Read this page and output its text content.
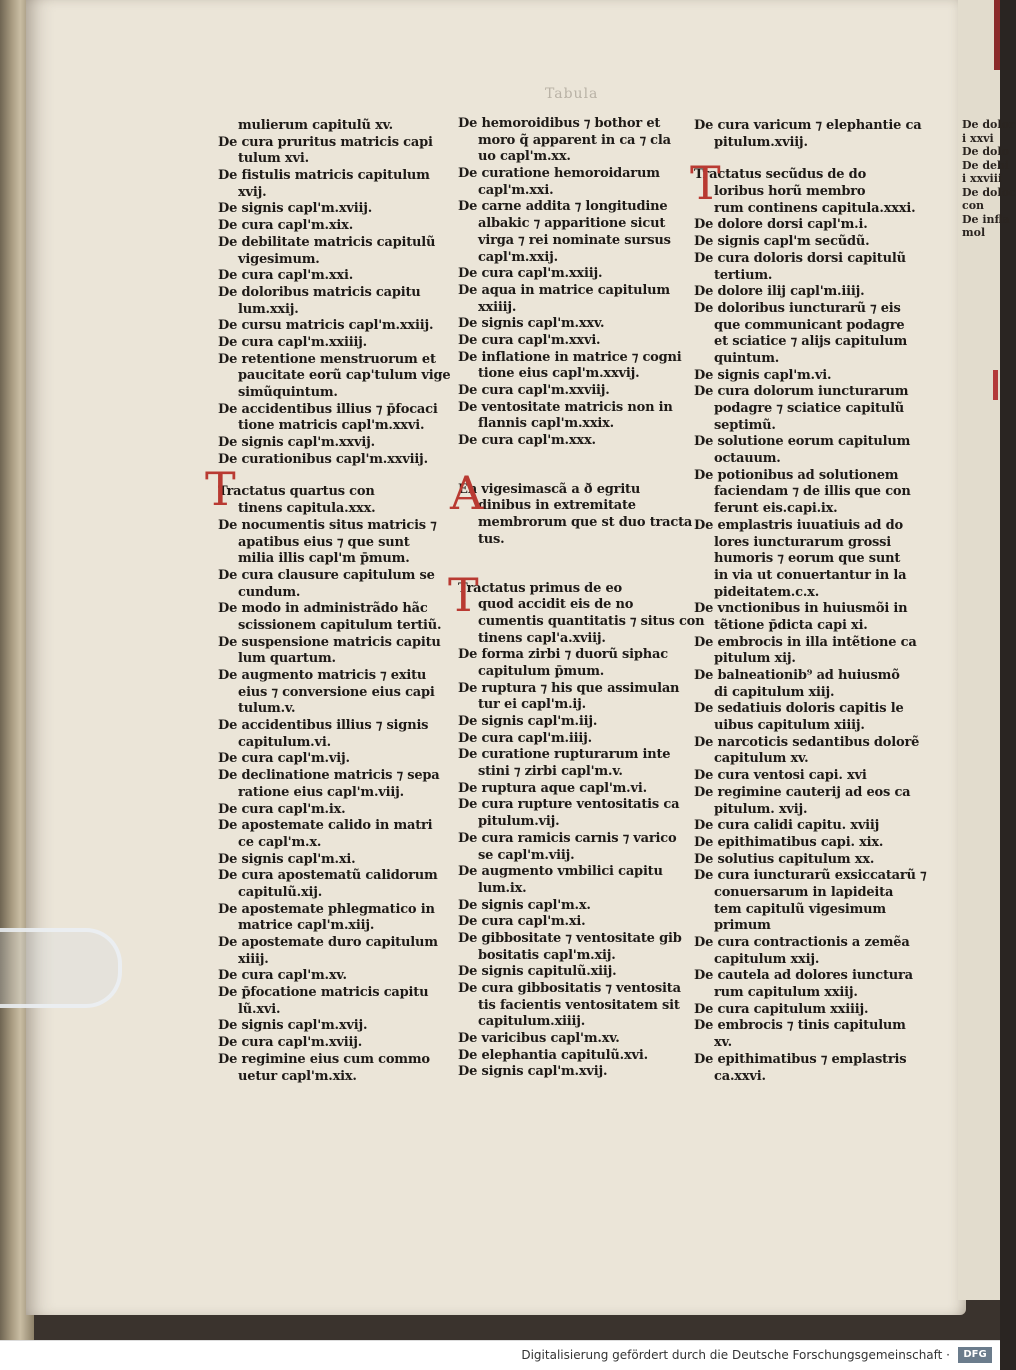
De dolor
i xxvi
De dolo
De debi
i xxviii
De doloc
con
De infla
mol
Tabula
mulierum capitulũ xv.
De cura pruritus matricis capi
tulum xvi.
De fistulis matricis capitulum
xvij.
De signis capl'm.xviij.
De cura capl'm.xix.
De debilitate matricis capitulũ
vigesimum.
De cura capl'm.xxi.
De doloribus matricis capitu
lum.xxij.
De cursu matricis capl'm.xxiij.
De cura capl'm.xxiiij.
De retentione menstruorum et
paucitate eorũ cap'tulum vige
simũquintum.
De accidentibus illius ⁊ p̄focaci
tione matricis capl'm.xxvi.
De signis capl'm.xxvij.
De curationibus capl'm.xxviij.
Tractatus quartus con
tinens capitula.xxx.
De nocumentis situs matricis ⁊
apatibus eius ⁊ que sunt
milia illis capl'm p̄mum.
De cura clausure capitulum se
cundum.
De modo in administrãdo hãc
scissionem capitulum tertiũ.
De suspensione matricis capitu
lum quartum.
De augmento matricis ⁊ exitu
eius ⁊ conversione eius capi
tulum.v.
De accidentibus illius ⁊ signis
capitulum.vi.
De cura capl'm.vij.
De declinatione matricis ⁊ sepa
ratione eius capl'm.viij.
De cura capl'm.ix.
De apostemate calido in matri
ce capl'm.x.
De signis capl'm.xi.
De cura apostematũ calidorum
capitulũ.xij.
De apostemate phlegmatico in
matrice capl'm.xiij.
De apostemate duro capitulum
xiiij.
De cura capl'm.xv.
De p̄focatione matricis capitu
lũ.xvi.
De signis capl'm.xvij.
De cura capl'm.xviij.
De regimine eius cum commo
uetur capl'm.xix.
De hemoroidibus ⁊ bothor et
moro q̃ apparent in ca ⁊ cla
uo capl'm.xx.
De curatione hemoroidarum
capl'm.xxi.
De carne addita ⁊ longitudine
albakic ⁊ apparitione sicut
virga ⁊ rei nominate sursus
capl'm.xxij.
De cura capl'm.xxiij.
De aqua in matrice capitulum
xxiiij.
De signis capl'm.xxv.
De cura capl'm.xxvi.
De inflatione in matrice ⁊ cogni
tione eius capl'm.xxvij.
De cura capl'm.xxviij.
De ventositate matricis non in
flannis capl'm.xxix.
De cura capl'm.xxx.
En vigesimascã a ð egritu
dinibus in extremitate
membrorum que st duo tracta
tus.
Tractatus primus de eo
quod accidit eis de no
cumentis quantitatis ⁊ situs con
tinens capl'a.xviij.
De forma zirbi ⁊ duorũ siphac
capitulum p̄mum.
De ruptura ⁊ his que assimulan
tur ei capl'm.ij.
De signis capl'm.iij.
De cura capl'm.iiij.
De curatione rupturarum inte
stini ⁊ zirbi capl'm.v.
De ruptura aque capl'm.vi.
De cura rupture ventositatis ca
pitulum.vij.
De cura ramicis carnis ⁊ varico
se capl'm.viij.
De augmento vmbilici capitu
lum.ix.
De signis capl'm.x.
De cura capl'm.xi.
De gibbositate ⁊ ventositate gib
bositatis capl'm.xij.
De signis capitulũ.xiij.
De cura gibbositatis ⁊ ventosita
tis facientis ventositatem sit
capitulum.xiiij.
De varicibus capl'm.xv.
De elephantia capitulũ.xvi.
De signis capl'm.xvij.
De cura varicum ⁊ elephantie ca
pitulum.xviij.
Tractatus secũdus de do
loribus horũ membro
rum continens capitula.xxxi.
De dolore dorsi capl'm.i.
De signis capl'm secũdũ.
De cura doloris dorsi capitulũ
tertium.
De dolore ilij capl'm.iiij.
De doloribus iuncturarũ ⁊ eis
que communicant podagre
et sciatice ⁊ alijs capitulum
quintum.
De signis capl'm.vi.
De cura dolorum iuncturarum
podagre ⁊ sciatice capitulũ
septimũ.
De solutione eorum capitulum
octauum.
De potionibus ad solutionem
faciendam ⁊ de illis que con
ferunt eis.capi.ix.
De emplastris iuuatiuis ad do
lores iuncturarum grossi
humoris ⁊ eorum que sunt
in via ut conuertantur in la
pideitatem.c.x.
De vnctionibus in huiusmõi in
tẽtione p̄dicta capi xi.
De embrocis in illa intẽtione ca
pitulum xij.
De balneationib⁹ ad huiusmõ
di capitulum xiij.
De sedatiuis doloris capitis le
uibus capitulum xiiij.
De narcoticis sedantibus dolorẽ
capitulum xv.
De cura ventosi capi. xvi
De regimine cauterij ad eos ca
pitulum. xvij.
De cura calidi capitu. xviij
De epithimatibus capi. xix.
De solutius capitulum xx.
De cura iuncturarũ exsiccatarũ ⁊
conuersarum in lapideita
tem capitulũ vigesimum
primum
De cura contractionis a zemẽa
capitulum xxij.
De cautela ad dolores iunctura
rum capitulum xxiij.
De cura capitulum xxiiij.
De embrocis ⁊ tinis capitulum
xv.
De epithimatibus ⁊ emplastris
ca.xxvi.
T	A
T
T
Digitalisierung gefördert durch die Deutsche Forschungsgemeinschaft ·	DFG
